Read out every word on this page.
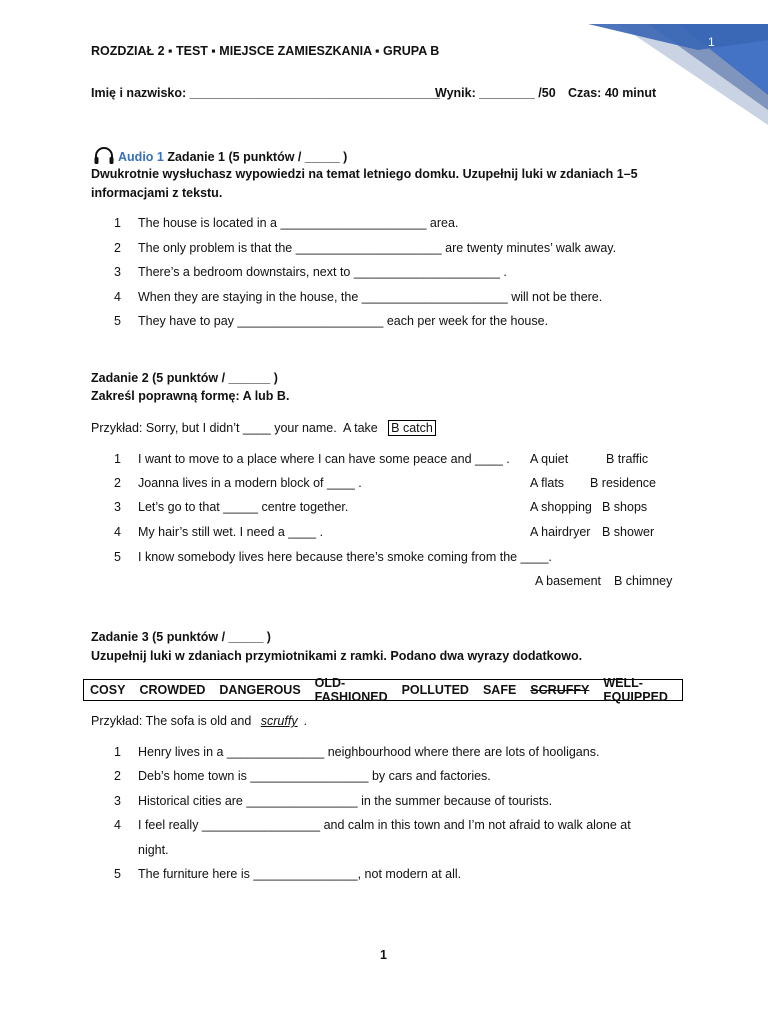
1
ROZDZIAŁ 2 ▪ TEST ▪ MIEJSCE ZAMIESZKANIA ▪ GRUPA B
Imię i nazwisko: ____________________________________
Wynik: ________ /50 Czas: 40 minut
Audio 1 Zadanie 1 (5 punktów / _____ )
Dwukrotnie wysłuchasz wypowiedzi na temat letniego domku. Uzupełnij luki w zdaniach 1–5
informacjami z tekstu.
1	The house is located in a _____________________ area.
2	The only problem is that the _____________________ are twenty minutes’ walk away.
3	There’s a bedroom downstairs, next to _____________________ .
4	When they are staying in the house, the _____________________ will not be there.
5	They have to pay _____________________ each per week for the house.
Zadanie 2 (5 punktów / ______ )
Zakreśl poprawną formę: A lub B.
Przykład: Sorry, but I didn’t ____ your name. A take B catch
1	I want to move to a place where I can have some peace and ____ . A quiet	B traffic
2	Joanna lives in a modern block of ____ .	A flats B residence
3	Let’s go to that _____ centre together.	A shopping B shops
4	My hair’s still wet. I need a ____ .	A hairdryer B shower
5	I know somebody lives here because there’s smoke coming from the ____.
A basement B chimney
Zadanie 3 (5 punktów / _____ )
Uzupełnij luki w zdaniach przymiotnikami z ramki. Podano dwa wyrazy dodatkowo.
COSY CROWDED DANGEROUS OLD-FASHIONED POLLUTED SAFE SCRUFFY WELL-EQUIPPED
Przykład: The sofa is old and scruffy .
1	Henry lives in a ______________ neighbourhood where there are lots of hooligans.
2	Deb’s home town is _________________ by cars and factories.
3	Historical cities are ________________ in the summer because of tourists.
4	I feel really _________________ and calm in this town and I’m not afraid to walk alone at
night.
5	The furniture here is _______________, not modern at all.
1
